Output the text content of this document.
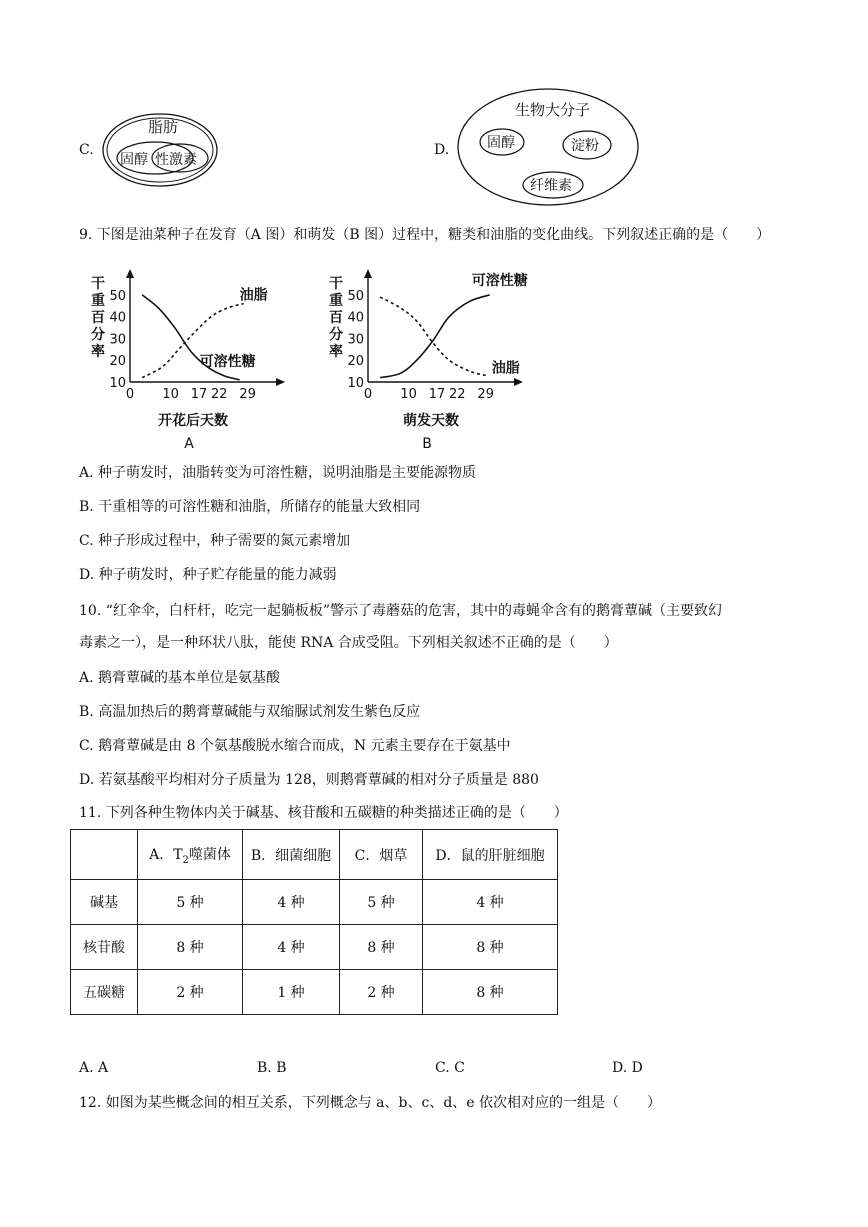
C.
脂肪
固醇 性激素
D.
生物大分子
固醇	淀粉
纤维素
9. 下图是油菜种子在发育（A 图）和萌发（B 图）过程中，糖类和油脂的变化曲线。下列叙述正确的是（　　）
干
重
百
分
率
10
20
30
40
50
0 10 17 22 29
开花后天数
A
油脂
可溶性糖
干
重
百
分
率
10
20
30
40
50
0 10 17 22 29
萌发天数
B
可溶性糖
油脂
A. 种子萌发时，油脂转变为可溶性糖，说明油脂是主要能源物质
B. 干重相等的可溶性糖和油脂，所储存的能量大致相同
C. 种子形成过程中，种子需要的氮元素增加
D. 种子萌发时，种子贮存能量的能力减弱
10. “红伞伞，白杆杆，吃完一起躺板板”警示了毒蘑菇的危害，其中的毒蝇伞含有的鹅膏蕈碱（主要致幻
毒素之一），是一种环状八肽，能使 RNA 合成受阻。下列相关叙述不正确的是（　　）
A. 鹅膏蕈碱的基本单位是氨基酸
B. 高温加热后的鹅膏蕈碱能与双缩脲试剂发生紫色反应
C. 鹅膏蕈碱是由 8 个氨基酸脱水缩合而成，N 元素主要存在于氨基中
D. 若氨基酸平均相对分子质量为 128，则鹅膏蕈碱的相对分子质量是 880
11. 下列各种生物体内关于碱基、核苷酸和五碳糖的种类描述正确的是（　　）
	A．$T_2$噬菌体	B．细菌细胞	C．烟草	D．鼠的肝脏细胞
碱基	5 种	4 种	5 种	4 种
核苷酸	8 种	4 种	8 种	8 种
五碳糖	2 种	1 种	2 种	8 种
A. A	B. B	C. C	D. D
12. 如图为某些概念间的相互关系，下列概念与 a、b、c、d、e 依次相对应的一组是（　　）
